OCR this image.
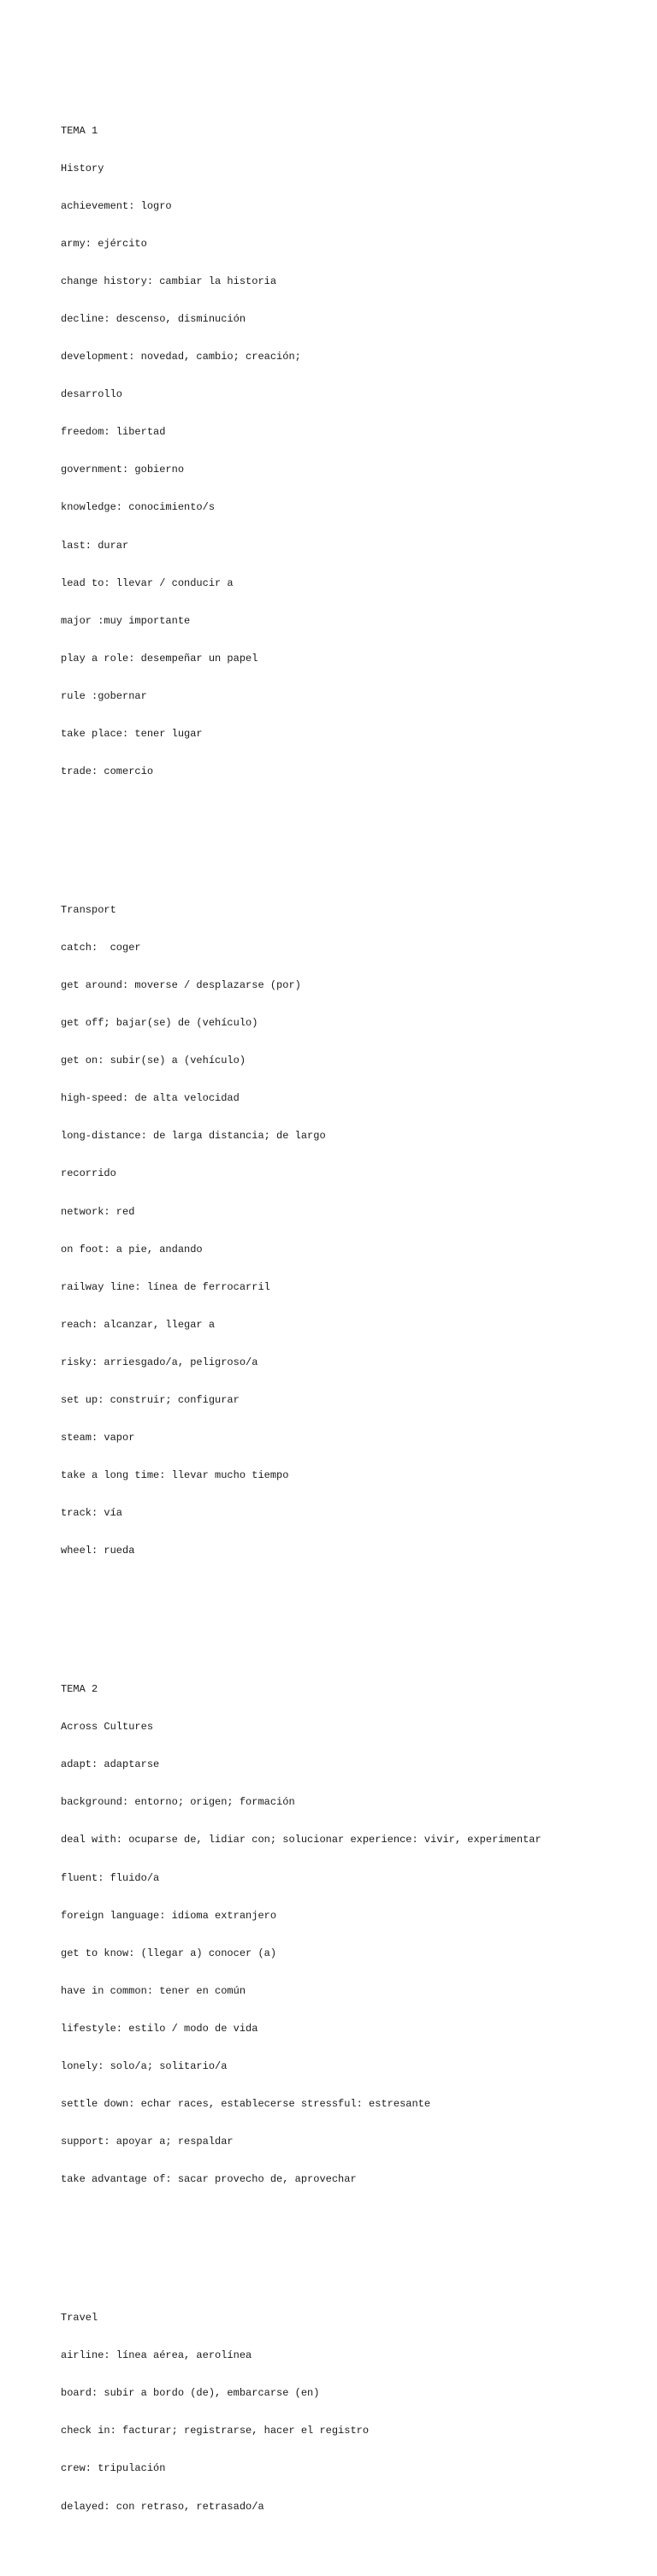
TEMA 1

History

achievement: logro

army: ejército

change history: cambiar la historia

decline: descenso, disminución

development: novedad, cambio; creación;

desarrollo

freedom: libertad

government: gobierno

knowledge: conocimiento/s

last: durar

lead to: llevar / conducir a

major :muy importante

play a role: desempeñar un papel

rule :gobernar

take place: tener lugar

trade: comercio

Transport

catch:  coger

get around: moverse / desplazarse (por)

get off; bajar(se) de (vehículo)

get on: subir(se) a (vehículo)

high-speed: de alta velocidad

long-distance: de larga distancia; de largo

recorrido

network: red

on foot: a pie, andando

railway line: línea de ferrocarril

reach: alcanzar, llegar a

risky: arriesgado/a, peligroso/a

set up: construir; configurar

steam: vapor

take a long time: llevar mucho tiempo

track: vía

wheel: rueda

TEMA 2

Across Cultures

adapt: adaptarse

background: entorno; origen; formación

deal with: ocuparse de, lidiar con; solucionar experience: vivir, experimentar

fluent: fluido/a

foreign language: idioma extranjero

get to know: (llegar a) conocer (a)

have in common: tener en común

lifestyle: estilo / modo de vida

lonely: solo/a; solitario/a

settle down: echar races, establecerse stressful: estresante

support: apoyar a; respaldar

take advantage of: sacar provecho de, aprovechar

Travel

airline: línea aérea, aerolínea

board: subir a bordo (de), embarcarse (en)

check in: facturar; registrarse, hacer el registro

crew: tripulación

delayed: con retraso, retrasado/a
